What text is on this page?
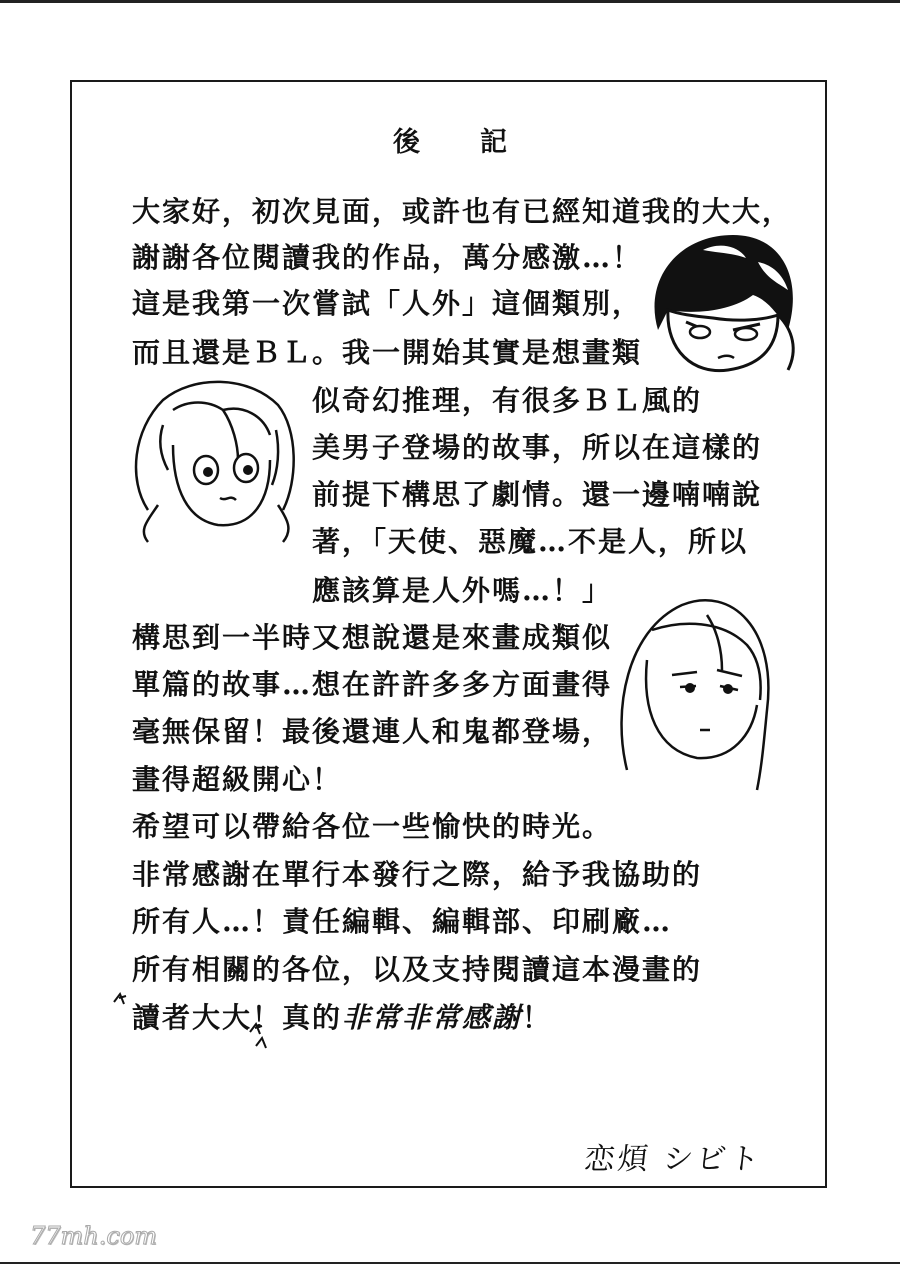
後記
大家好，初次見面，或許也有已經知道我的大大，
謝謝各位閱讀我的作品，萬分感激…！
這是我第一次嘗試「人外」這個類別，
而且還是ＢＬ。我一開始其實是想畫類
似奇幻推理，有很多ＢＬ風的
美男子登場的故事，所以在這樣的
前提下構思了劇情。還一邊喃喃說
著，「天使、惡魔…不是人，所以
應該算是人外嗎…！」
構思到一半時又想說還是來畫成類似
單篇的故事…想在許許多多方面畫得
毫無保留！最後還連人和鬼都登場，
畫得超級開心！
希望可以帶給各位一些愉快的時光。
非常感謝在單行本發行之際，給予我協助的
所有人…！責任編輯、編輯部、印刷廠…
所有相關的各位，以及支持閱讀這本漫畫的
讀者大大！真的非常非常感謝！
恋煩 シビト
77mh.com
